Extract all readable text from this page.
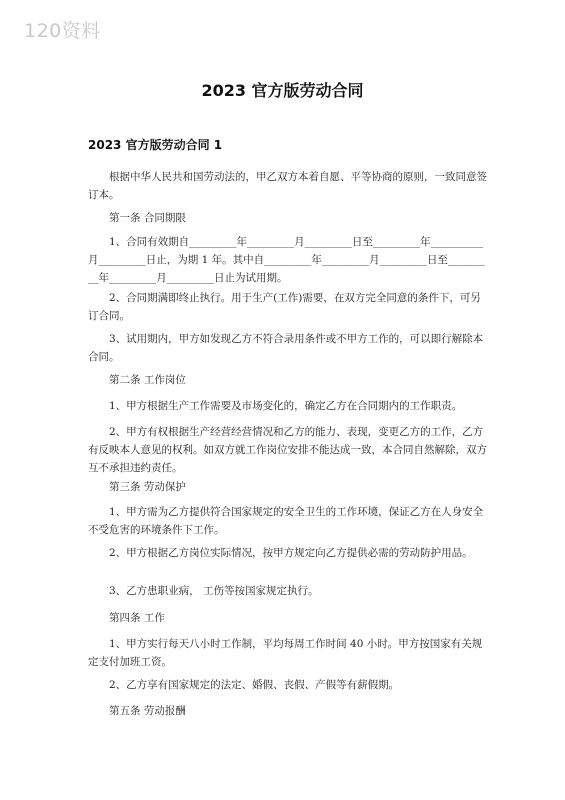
120资料
2023 官方版劳动合同
2023 官方版劳动合同 1

根据中华人民共和国劳动法的，甲乙双方本着自愿、平等协商的原则，一致同意签订本。

第一条 合同期限

1、合同有效期自_________年_________月_________日至_________年__________月_________日止，为期 1 年。其中自_________年_________月_________日至_________年_________月_________日止为试用期。

2、合同期满即终止执行。用于生产(工作)需要，在双方完全同意的条件下，可另订合同。

3、试用期内，甲方如发现乙方不符合录用条件或不甲方工作的，可以即行解除本合同。

第二条 工作岗位

1、甲方根据生产工作需要及市场变化的，确定乙方在合同期内的工作职责。

2、甲方有权根据生产经营经营情况和乙方的能力、表现，变更乙方的工作，乙方有反映本人意见的权利。如双方就工作岗位安排不能达成一致，本合同自然解除，双方互不承担违约责任。

第三条 劳动保护

1、甲方需为乙方提供符合国家规定的安全卫生的工作环境，保证乙方在人身安全不受危害的环境条件下工作。

2、甲方根据乙方岗位实际情况，按甲方规定向乙方提供必需的劳动防护用品。

3、乙方患职业病， 工伤等按国家规定执行。

第四条 工作

1、甲方实行每天八小时工作制，平均每周工作时间 40 小时。甲方按国家有关规定支付加班工资。

2、乙方享有国家规定的法定、婚假、丧假、产假等有薪假期。

第五条 劳动报酬
